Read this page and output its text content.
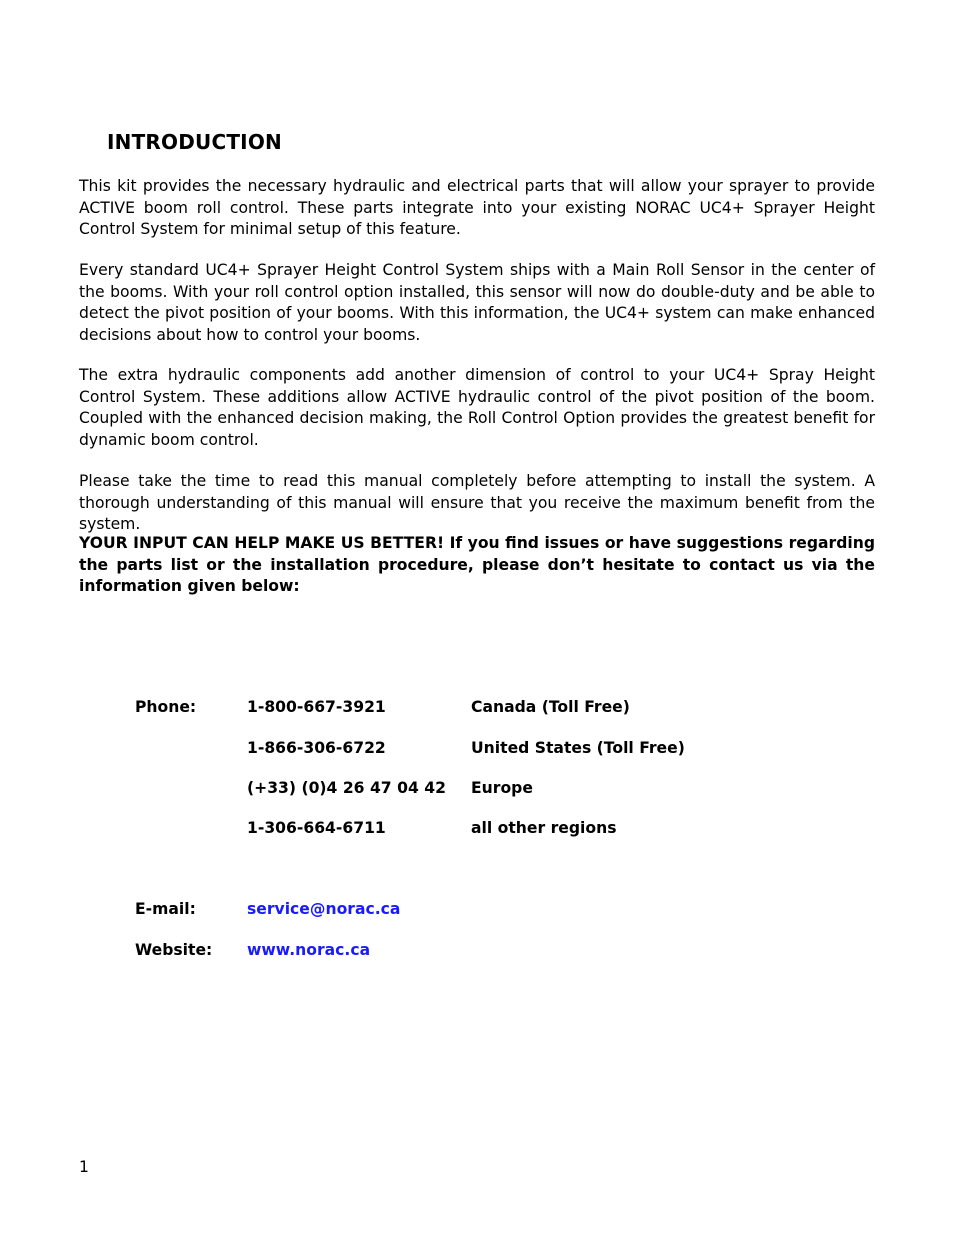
INTRODUCTION

This kit provides the necessary hydraulic and electrical parts that will allow your sprayer to provide ACTIVE boom roll control. These parts integrate into your existing NORAC UC4+ Sprayer Height Control System for minimal setup of this feature.

Every standard UC4+ Sprayer Height Control System ships with a Main Roll Sensor in the center of the booms. With your roll control option installed, this sensor will now do double-duty and be able to detect the pivot position of your booms. With this information, the UC4+ system can make enhanced decisions about how to control your booms.

The extra hydraulic components add another dimension of control to your UC4+ Spray Height Control System. These additions allow ACTIVE hydraulic control of the pivot position of the boom. Coupled with the enhanced decision making, the Roll Control Option provides the greatest benefit for dynamic boom control.

Please take the time to read this manual completely before attempting to install the system. A thorough understanding of this manual will ensure that you receive the maximum benefit from the system.

YOUR INPUT CAN HELP MAKE US BETTER! If you find issues or have suggestions regarding the parts list or the installation procedure, please don’t hesitate to contact us via the information given below:

Phone:	1-800-667-3921	Canada (Toll Free)
1-866-306-6722	United States (Toll Free)
(+33) (0)4 26 47 04 42 Europe
1-306-664-6711	all other regions
E-mail:	service@norac.ca
Website: www.norac.ca
1
